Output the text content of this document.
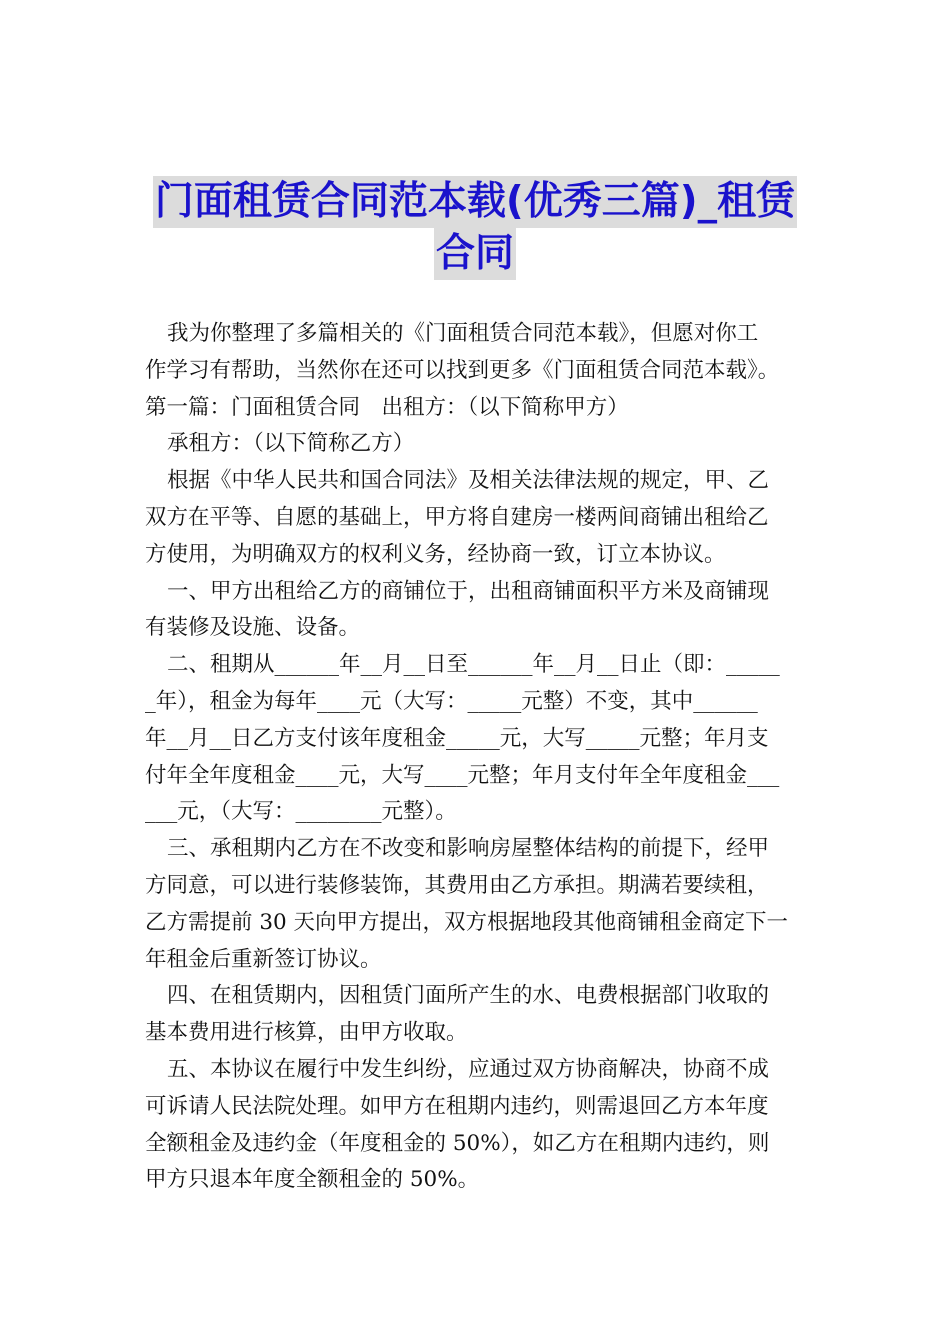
门面租赁合同范本载(优秀三篇)_租赁
合同

我为你整理了多篇相关的《门面租赁合同范本载》，但愿对你工

作学习有帮助，当然你在还可以找到更多《门面租赁合同范本载》。

第一篇：门面租赁合同　出租方：（以下简称甲方）

承租方：（以下简称乙方）

根据《中华人民共和国合同法》及相关法律法规的规定，甲、乙

双方在平等、自愿的基础上，甲方将自建房一楼两间商铺出租给乙

方使用，为明确双方的权利义务，经协商一致，订立本协议。

一、甲方出租给乙方的商铺位于，出租商铺面积平方米及商铺现

有装修及设施、设备。

二、租期从______年__月__日至______年__月__日止（即：_____

_年），租金为每年____元（大写：_____元整）不变，其中______

年__月__日乙方支付该年度租金_____元，大写_____元整；年月支

付年全年度租金____元，大写____元整；年月支付年全年度租金___

___元，（大写：________元整）。

三、承租期内乙方在不改变和影响房屋整体结构的前提下，经甲

方同意，可以进行装修装饰，其费用由乙方承担。期满若要续租，

乙方需提前 30 天向甲方提出，双方根据地段其他商铺租金商定下一

年租金后重新签订协议。

四、在租赁期内，因租赁门面所产生的水、电费根据部门收取的

基本费用进行核算，由甲方收取。

五、本协议在履行中发生纠纷，应通过双方协商解决，协商不成

可诉请人民法院处理。如甲方在租期内违约，则需退回乙方本年度

全额租金及违约金（年度租金的 50%），如乙方在租期内违约，则

甲方只退本年度全额租金的 50%。
